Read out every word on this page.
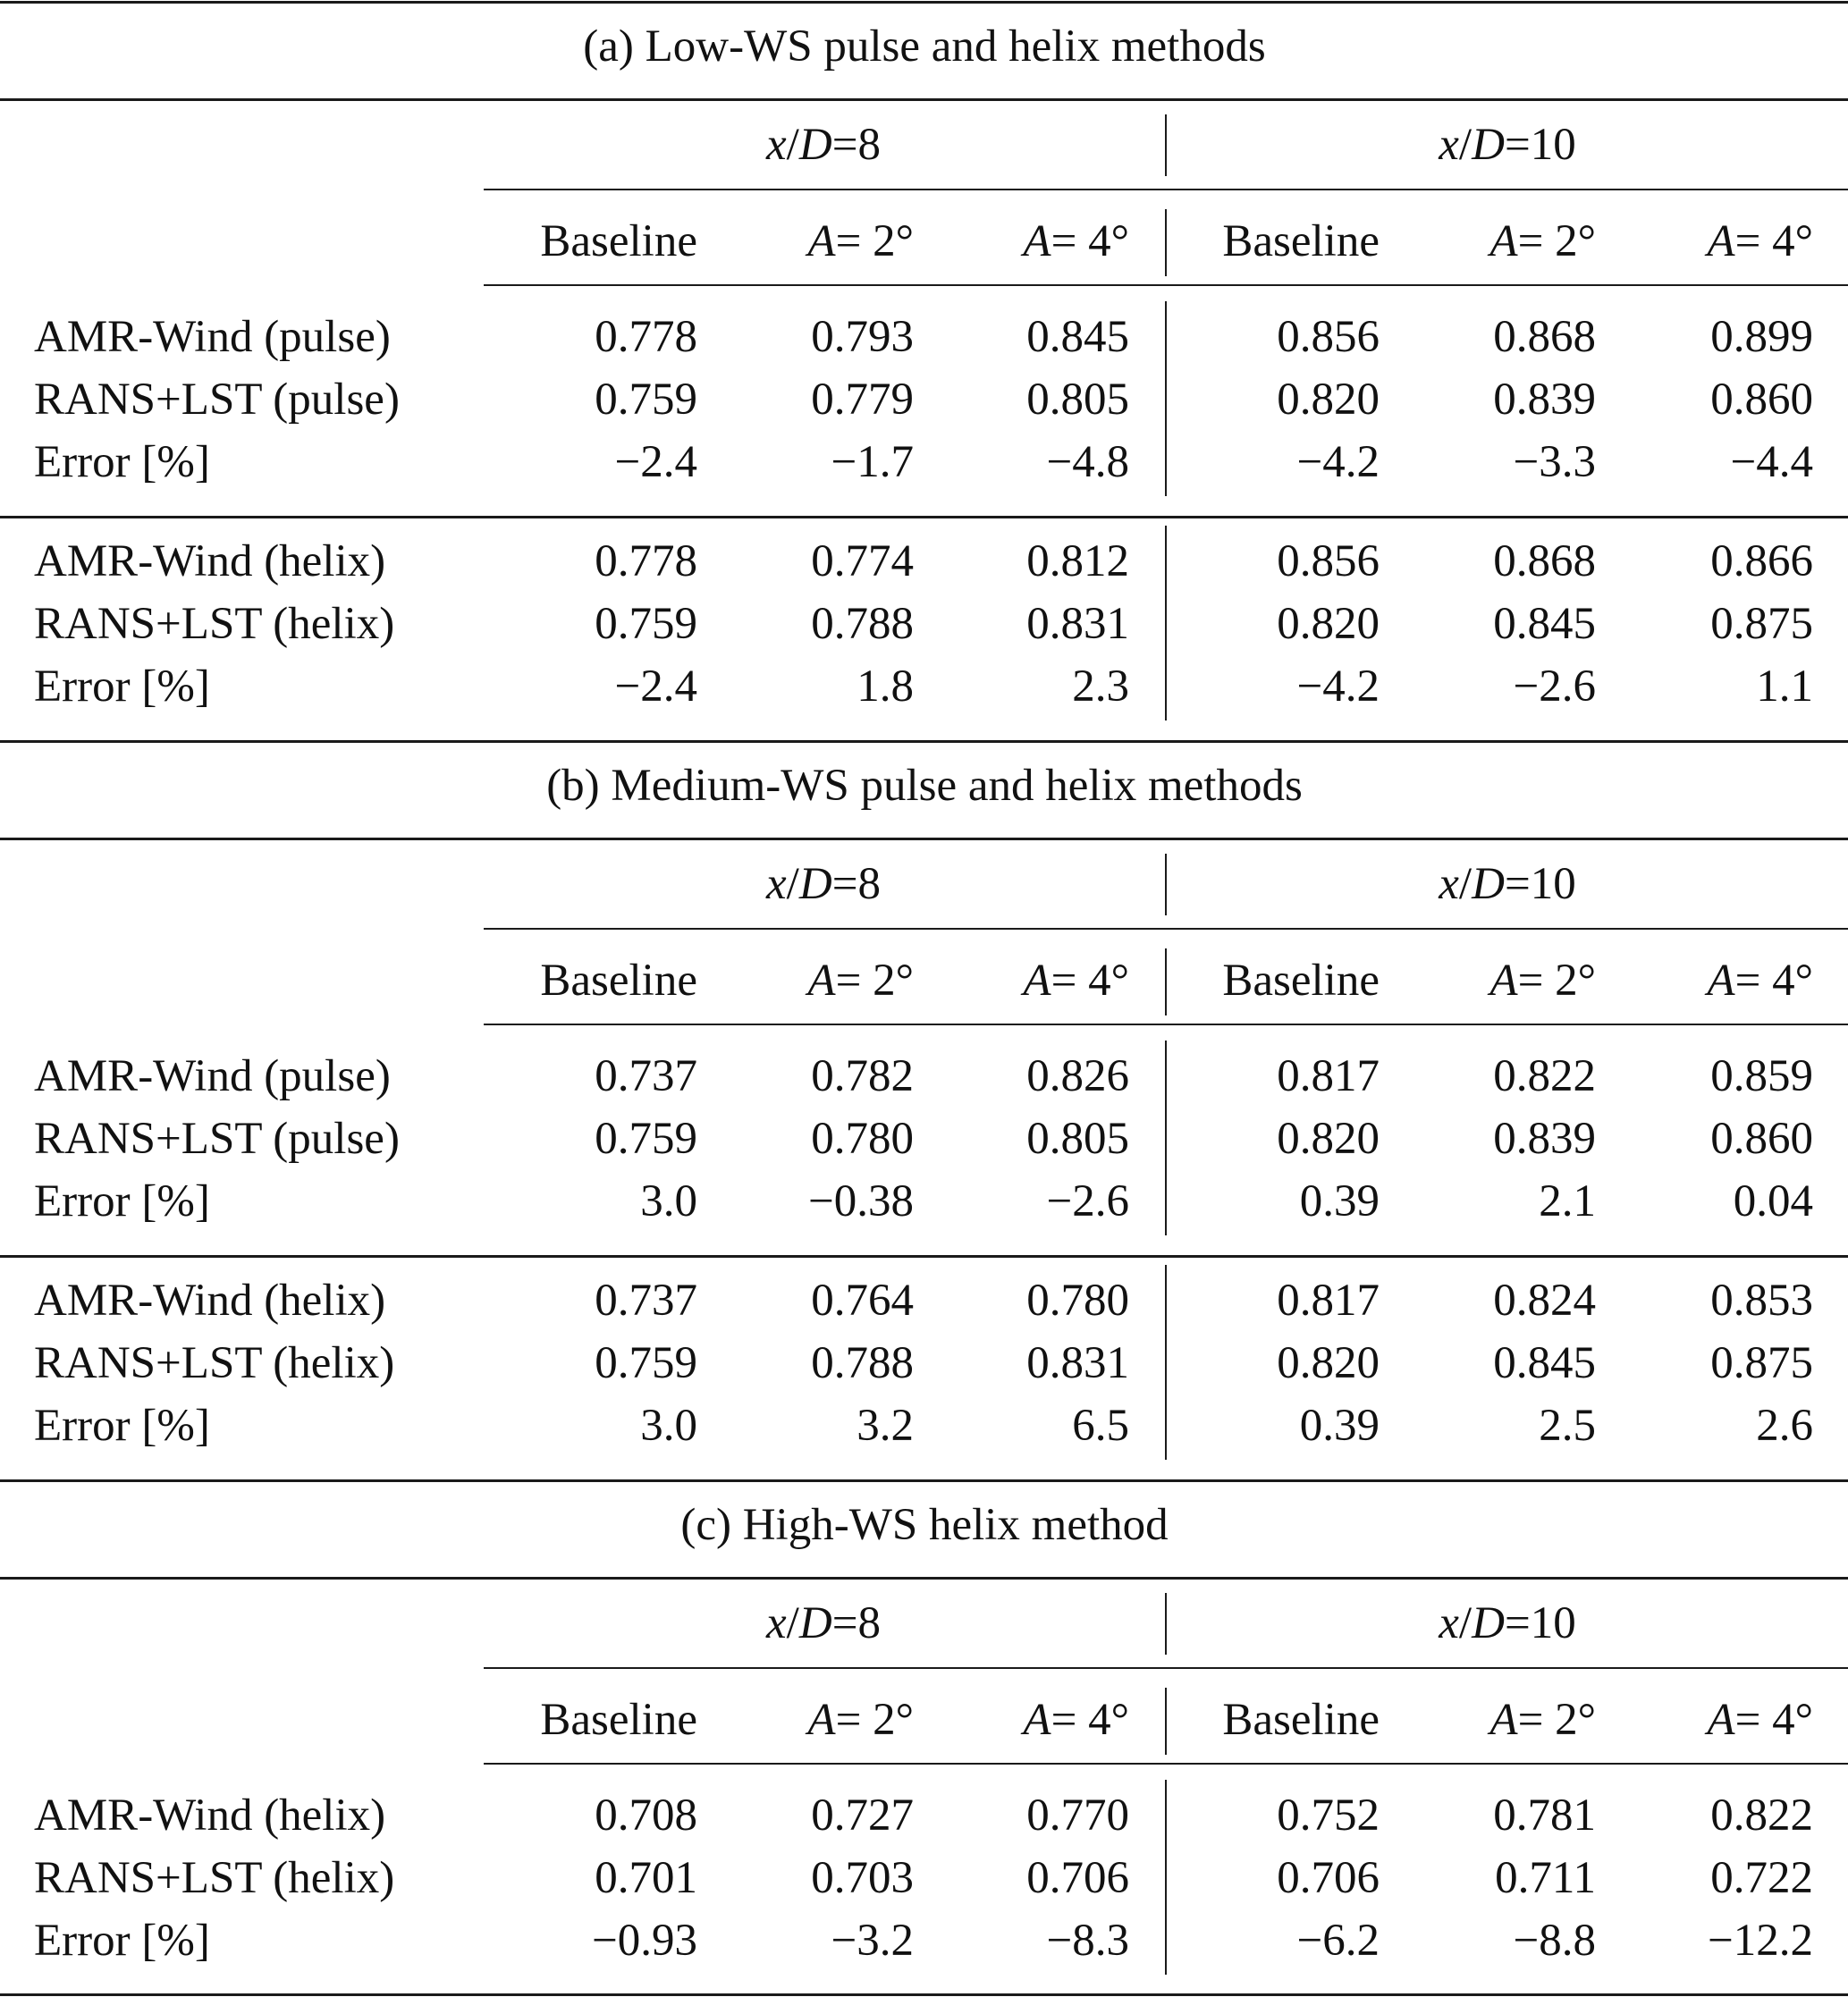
(a) Low-WS pulse and helix methods
x / D = 8	x / D = 10
Baseline A = 2° A = 4° Baseline A = 2° A = 4°
AMR-Wind (pulse)	0.778 0.793 0.845	0.856 0.868	0.899
RANS+LST (pulse)	0.759 0.779 0.805	0.820 0.839	0.860
Error [%]	−2.4	−1.7	−4.8	−4.2	−3.3	−4.4
AMR-Wind (helix)	0.778 0.774 0.812	0.856 0.868	0.866
RANS+LST (helix)	0.759 0.788 0.831	0.820 0.845	0.875
Error [%]	−2.4	1.8	2.3	−4.2	−2.6	1.1
(b) Medium-WS pulse and helix methods
x / D = 8	x / D = 10
Baseline A = 2° A = 4° Baseline A = 2° A = 4°
AMR-Wind (pulse)	0.737 0.782 0.826	0.817 0.822	0.859
RANS+LST (pulse)	0.759 0.780 0.805	0.820 0.839	0.860
Error [%]	3.0 −0.38	−2.6	0.39	2.1	0.04
AMR-Wind (helix)	0.737 0.764 0.780	0.817 0.824	0.853
RANS+LST (helix)	0.759 0.788 0.831	0.820 0.845	0.875
Error [%]	3.0	3.2	6.5	0.39	2.5	2.6
(c) High-WS helix method
x / D = 8	x / D = 10
Baseline A = 2° A = 4° Baseline A = 2° A = 4°
AMR-Wind (helix)	0.708 0.727 0.770	0.752 0.781	0.822
RANS+LST (helix)	0.701 0.703 0.706	0.706	0.711	0.722
Error [%]	−0.93	−3.2	−8.3	−6.2	−8.8 −12.2
